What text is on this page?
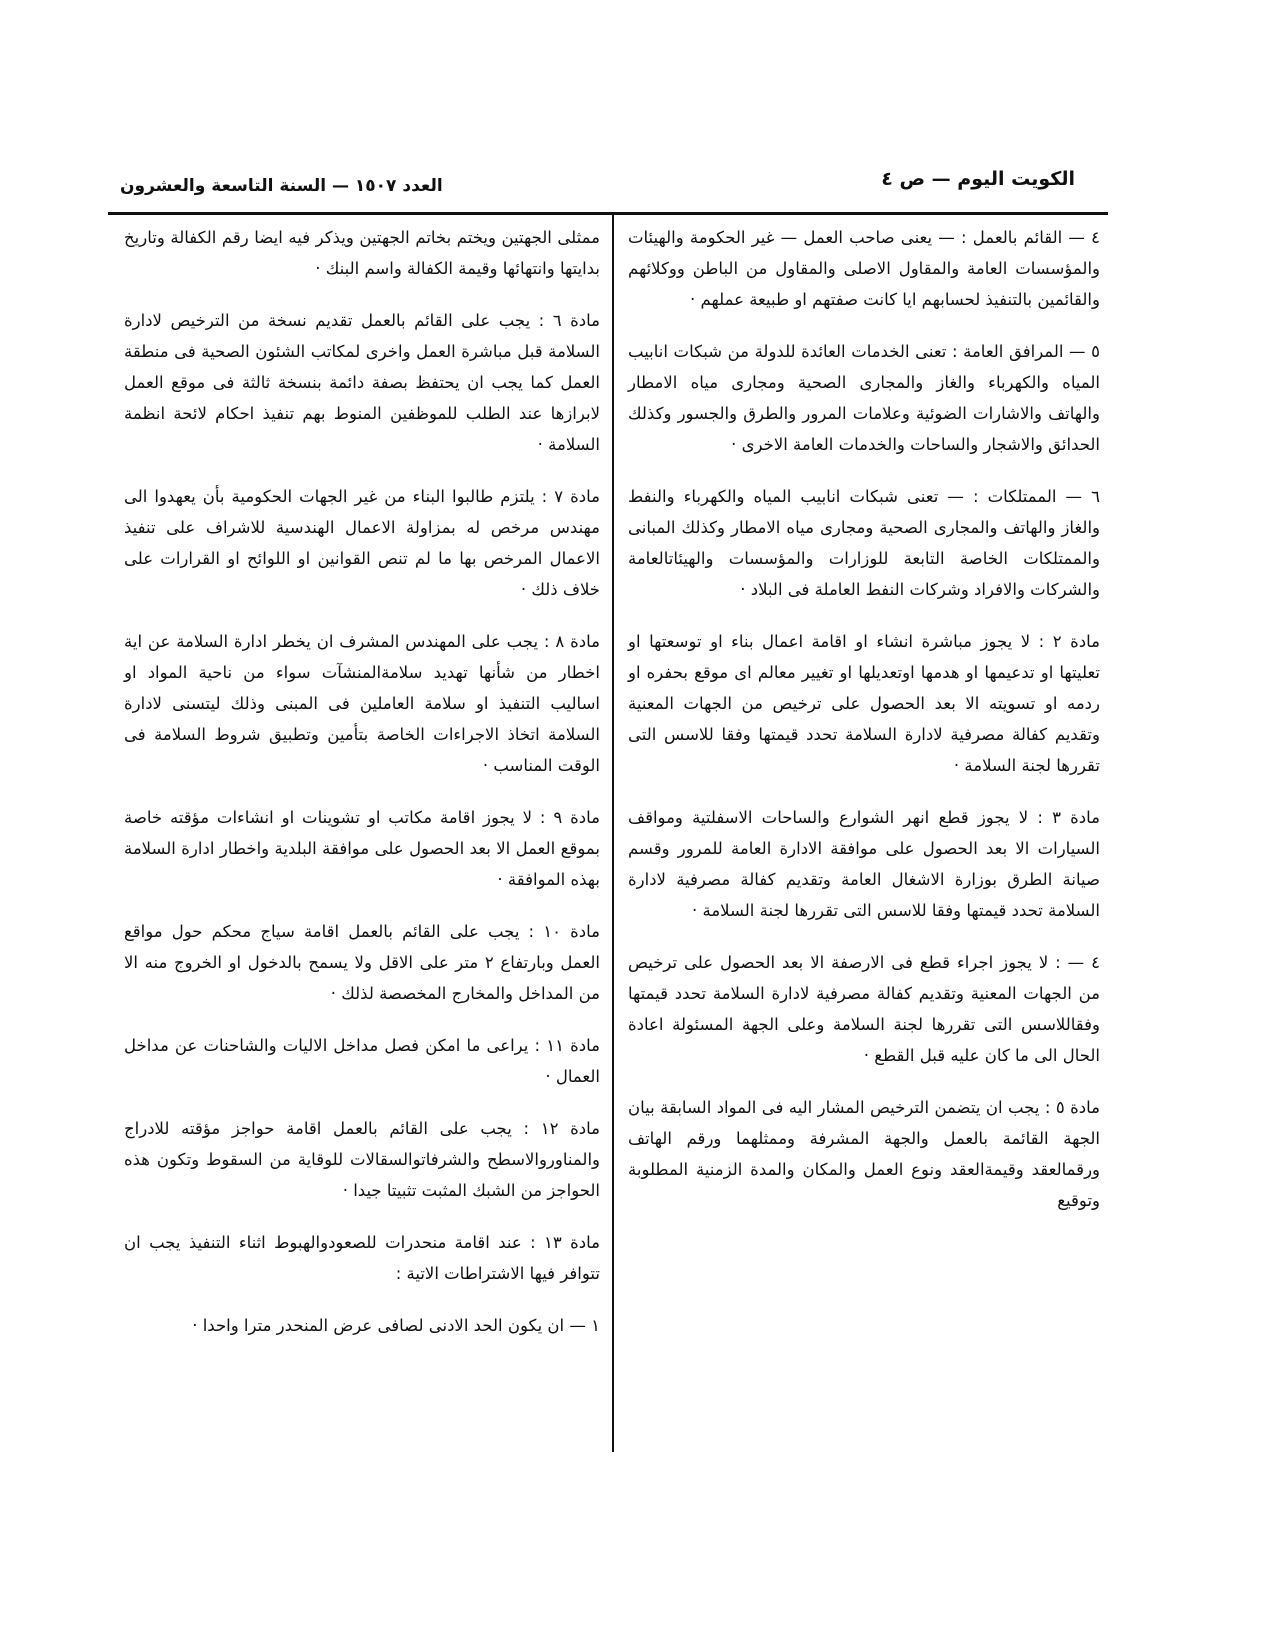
الكويت اليوم — ص ٤
العدد ١٥٠٧ — السنة التاسعة والعشرون

٤ — القائم بالعمل : — يعنى صاحب العمل — غير الحكومة والهيئات والمؤسسات العامة والمقاول الاصلى والمقاول من الباطن ووكلائهم والقائمين بالتنفيذ لحسابهم ايا كانت صفتهم او طبيعة عملهم ·

٥ — المرافق العامة : تعنى الخدمات العائدة للدولة من شبكات انابيب المياه والكهرباء والغاز والمجارى الصحية ومجارى مياه الامطار والهاتف والاشارات الضوئية وعلامات المرور والطرق والجسور وكذلك الحدائق والاشجار والساحات والخدمات العامة الاخرى ·

٦ — الممتلكات : — تعنى شبكات انابيب المياه والكهرباء والنفط والغاز والهاتف والمجارى الصحية ومجارى مياه الامطار وكذلك المبانى والممتلكات الخاصة التابعة للوزارات والمؤسسات والهيئاتالعامة والشركات والافراد وشركات النفط العاملة فى البلاد ·

مادة ٢ : لا يجوز مباشرة انشاء او اقامة اعمال بناء او توسعتها او تعليتها او تدعيمها او هدمها اوتعديلها او تغيير معالم اى موقع بحفره او ردمه او تسويته الا بعد الحصول على ترخيص من الجهات المعنية وتقديم كفالة مصرفية لادارة السلامة تحدد قيمتها وفقا للاسس التى تقررها لجنة السلامة ·

مادة ٣ : لا يجوز قطع انهر الشوارع والساحات الاسفلتية ومواقف السيارات الا بعد الحصول على موافقة الادارة العامة للمرور وقسم صيانة الطرق بوزارة الاشغال العامة وتقديم كفالة مصرفية لادارة السلامة تحدد قيمتها وفقا للاسس التى تقررها لجنة السلامة ·

٤ — : لا يجوز اجراء قطع فى الارصفة الا بعد الحصول على ترخيص من الجهات المعنية وتقديم كفالة مصرفية لادارة السلامة تحدد قيمتها وفقاللاسس التى تقررها لجنة السلامة وعلى الجهة المسئولة اعادة الحال الى ما كان عليه قبل القطع ·

مادة ٥ : يجب ان يتضمن الترخيص المشار اليه فى المواد السابقة بيان الجهة القائمة بالعمل والجهة المشرفة وممثلهما ورقم الهاتف ورقمالعقد وقيمةالعقد ونوع العمل والمكان والمدة الزمنية المطلوبة وتوقيع

ممثلى الجهتين ويختم بخاتم الجهتين ويذكر فيه ايضا رقم الكفالة وتاريخ بدايتها وانتهائها وقيمة الكفالة واسم البنك ·

مادة ٦ : يجب على القائم بالعمل تقديم نسخة من الترخيص لادارة السلامة قبل مباشرة العمل واخرى لمكاتب الشئون الصحية فى منطقة العمل كما يجب ان يحتفظ بصفة دائمة بنسخة ثالثة فى موقع العمل لابرازها عند الطلب للموظفين المنوط بهم تنفيذ احكام لائحة انظمة السلامة ·

مادة ٧ : يلتزم طالبوا البناء من غير الجهات الحكومية بأن يعهدوا الى مهندس مرخص له بمزاولة الاعمال الهندسية للاشراف على تنفيذ الاعمال المرخص بها ما لم تنص القوانين او اللوائح او القرارات على خلاف ذلك ·

مادة ٨ : يجب على المهندس المشرف ان يخطر ادارة السلامة عن اية اخطار من شأنها تهديد سلامةالمنشآت سواء من ناحية المواد او اساليب التنفيذ او سلامة العاملين فى المبنى وذلك ليتسنى لادارة السلامة اتخاذ الاجراءات الخاصة بتأمين وتطبيق شروط السلامة فى الوقت المناسب ·

مادة ٩ : لا يجوز اقامة مكاتب او تشوينات او انشاءات مؤقته خاصة بموقع العمل الا بعد الحصول على موافقة البلدية واخطار ادارة السلامة بهذه الموافقة ·

مادة ١٠ : يجب على القائم بالعمل اقامة سياج محكم حول مواقع العمل وبارتفاع ٢ متر على الاقل ولا يسمح بالدخول او الخروج منه الا من المداخل والمخارج المخصصة لذلك ·

مادة ١١ : يراعى ما امكن فصل مداخل الاليات والشاحنات عن مداخل العمال ·

مادة ١٢ : يجب على القائم بالعمل اقامة حواجز مؤقته للادراج والمناوروالاسطح والشرفاتوالسقالات للوقاية من السقوط وتكون هذه الحواجز من الشبك المثبت تثبيتا جيدا ·

مادة ١٣ : عند اقامة منحدرات للصعودوالهبوط اثناء التنفيذ يجب ان تتوافر فيها الاشتراطات الاتية :

١ — ان يكون الحد الادنى لصافى عرض المنحدر مترا واحدا ·
